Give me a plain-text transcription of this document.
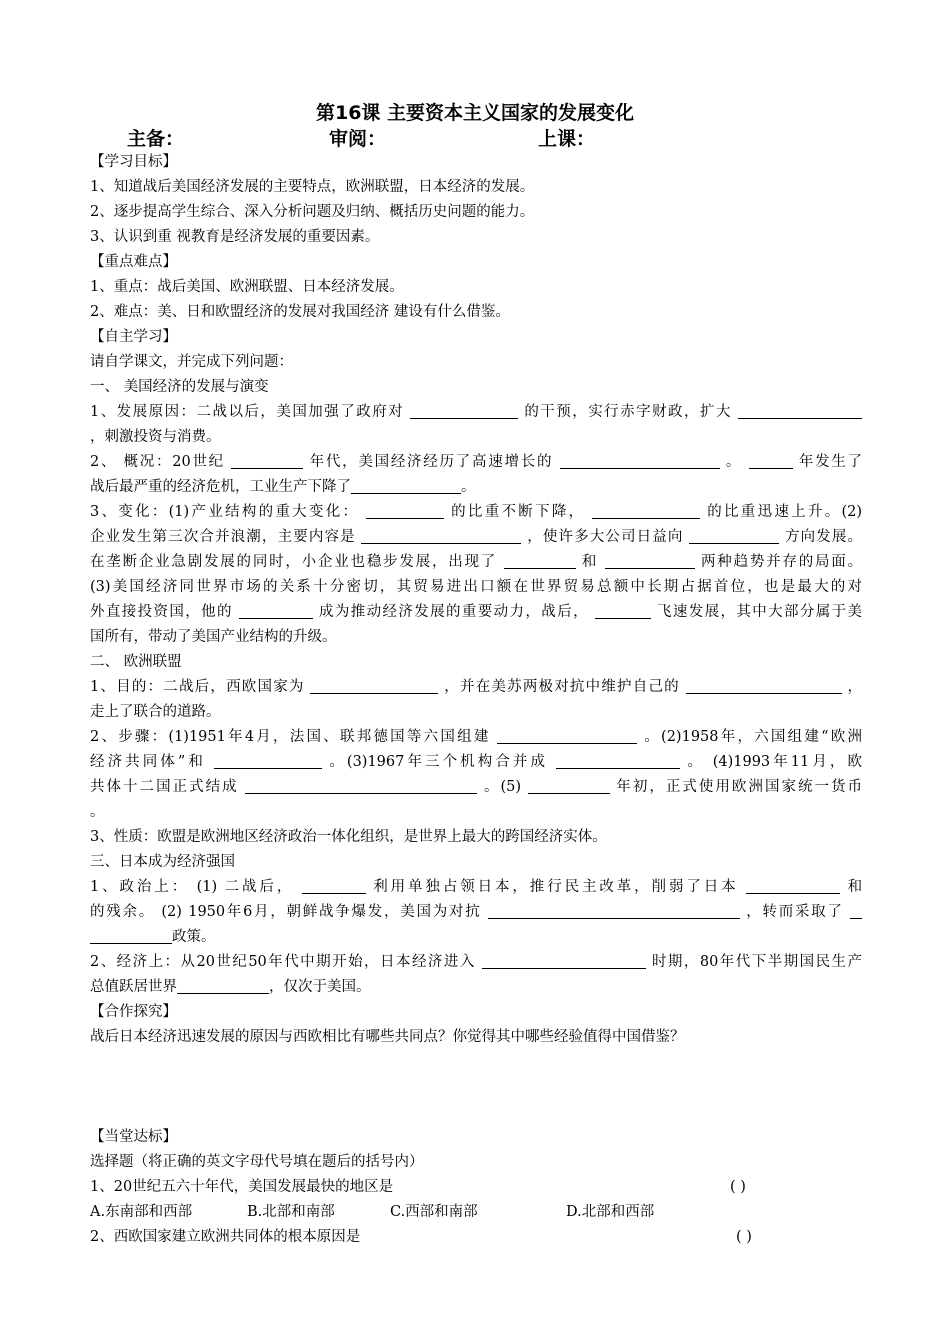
第16课 主要资本主义国家的发展变化
主备：	审阅：	上课：
【学习目标】
1、知道战后美国经济发展的主要特点，欧洲联盟，日本经济的发展。
2、逐步提高学生综合、深入分析问题及归纳、概括历史问题的能力。
3、认识到重 视教育是经济发展的重要因素。
【重点难点】
1、重点：战后美国、欧洲联盟、日本经济发展。
2、难点：美、日和欧盟经济的发展对我国经济 建设有什么借鉴。
【自主学习】
请自学课文，并完成下列问题：
一、 美国经济的发展与演变
1、发展原因：二战以后，美国加强了政府对	的干预，实行赤字财政，扩大
，刺激投资与消费。
2、 概况：20世纪	年代，美国经济经历了高速增长的	。	年发生了
战后最严重的经济危机，工业生产下降了	。
3、变化：(1)产业结构的重大变化：	的比重不断下降，	的比重迅速上升。(2)
企业发生第三次合并浪潮，主要内容是	，使许多大公司日益向	方向发展。
在垄断企业急剧发展的同时，小企业也稳步发展，出现了	和	两种趋势并存的局面。
(3)美国经济同世界市场的关系十分密切，其贸易进出口额在世界贸易总额中长期占据首位，也是最大的对
外直接投资国，他的	成为推动经济发展的重要动力，战后，	飞速发展，其中大部分属于美
国所有，带动了美国产业结构的升级。
二、 欧洲联盟
1、目的：二战后，西欧国家为	，并在美苏两极对抗中维护自己的	，
走上了联合的道路。
2、步骤：(1)1951年4月，法国、联邦德国等六国组建	。(2)1958年，六国组建“欧洲
经济共同体”和	。(3)1967年三个机构合并成	。 (4)1993年11月，欧
共体十二国正式结成	。(5)	年初，正式使用欧洲国家统一货币
。
3、性质：欧盟是欧洲地区经济政治一体化组织，是世界上最大的跨国经济实体。
三、日本成为经济强国
1、政治上： (1) 二战后，	利用单独占领日本，推行民主改革，削弱了日本	和
的残余。 (2) 1950年6月，朝鲜战争爆发，美国为对抗	，转而采取了
政策。
2、经济上：从20世纪50年代中期开始，日本经济进入	时期，80年代下半期国民生产
总值跃居世界	，仅次于美国。
【合作探究】
战后日本经济迅速发展的原因与西欧相比有哪些共同点？你觉得其中哪些经验值得中国借鉴？
【当堂达标】
选择题（将正确的英文字母代号填在题后的括号内）
1、20世纪五六十年代，美国发展最快的地区是	( )
A.东南部和西部	B.北部和南部	C.西部和南部	D.北部和西部
2、西欧国家建立欧洲共同体的根本原因是	( )
